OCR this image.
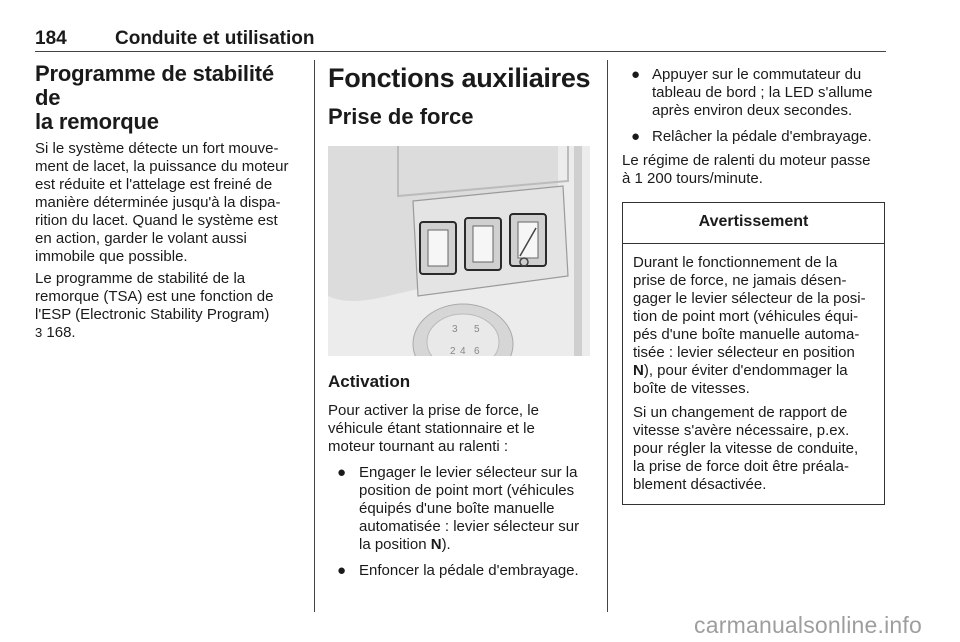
184	Conduite et utilisation
Programme de stabilité de
la remorque

Si le système détecte un fort mouve-

ment de lacet, la puissance du moteur

est réduite et l'attelage est freiné de

manière déterminée jusqu'à la dispa-

rition du lacet. Quand le système est

en action, garder le volant aussi

immobile que possible.

Le programme de stabilité de la

remorque (TSA) est une fonction de

l'ESP (Electronic Stability Program)

3 168.

Fonctions auxiliaires
Prise de force
2 4
3 5
6
Activation

Pour activer la prise de force, le

véhicule étant stationnaire et le

moteur tournant au ralenti :

● Engager le levier sélecteur sur la
position de point mort (véhicules
équipés d'une boîte manuelle
automatisée : levier sélecteur sur
la position N).
● Enfoncer la pédale d'embrayage.
● Appuyer sur le commutateur du
tableau de bord ; la LED s'allume
après environ deux secondes.
● Relâcher la pédale d'embrayage.

Le régime de ralenti du moteur passe

à 1 200 tours/minute.

Avertissement

Durant le fonctionnement de la

prise de force, ne jamais désen-

gager le levier sélecteur de la posi-

tion de point mort (véhicules équi-

pés d'une boîte manuelle automa-

tisée : levier sélecteur en position

N), pour éviter d'endommager la

boîte de vitesses.

Si un changement de rapport de

vitesse s'avère nécessaire, p.ex.

pour régler la vitesse de conduite,

la prise de force doit être préala-

blement désactivée.

carmanualsonline.info
